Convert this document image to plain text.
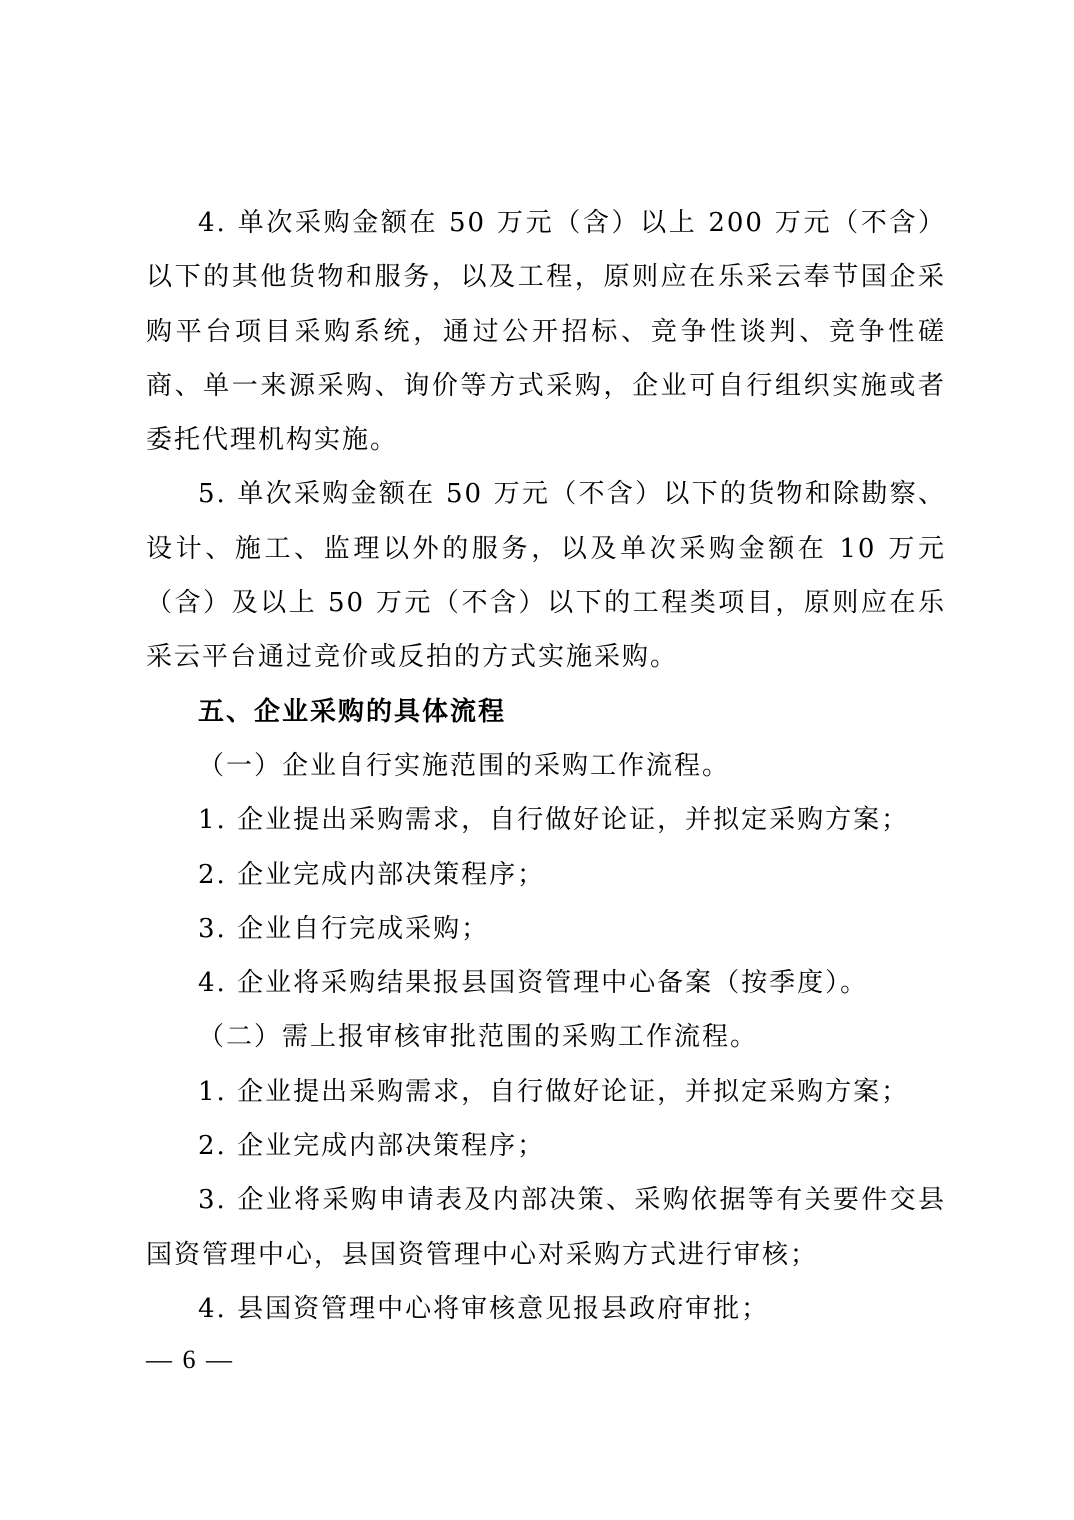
4. 单次采购金额在 50 万元（含）以上 200 万元（不含）以下的其他货物和服务，以及工程，原则应在乐采云奉节国企采购平台项目采购系统，通过公开招标、竞争性谈判、竞争性磋商、单一来源采购、询价等方式采购，企业可自行组织实施或者委托代理机构实施。

5. 单次采购金额在 50 万元（不含）以下的货物和除勘察、设计、施工、监理以外的服务，以及单次采购金额在 10 万元（含）及以上 50 万元（不含）以下的工程类项目，原则应在乐采云平台通过竞价或反拍的方式实施采购。

五、企业采购的具体流程

（一）企业自行实施范围的采购工作流程。

1. 企业提出采购需求，自行做好论证，并拟定采购方案；

2. 企业完成内部决策程序；

3. 企业自行完成采购；

4. 企业将采购结果报县国资管理中心备案（按季度）。

（二）需上报审核审批范围的采购工作流程。

1. 企业提出采购需求，自行做好论证，并拟定采购方案；

2. 企业完成内部决策程序；

3. 企业将采购申请表及内部决策、采购依据等有关要件交县国资管理中心，县国资管理中心对采购方式进行审核；

4. 县国资管理中心将审核意见报县政府审批；

— 6 —
